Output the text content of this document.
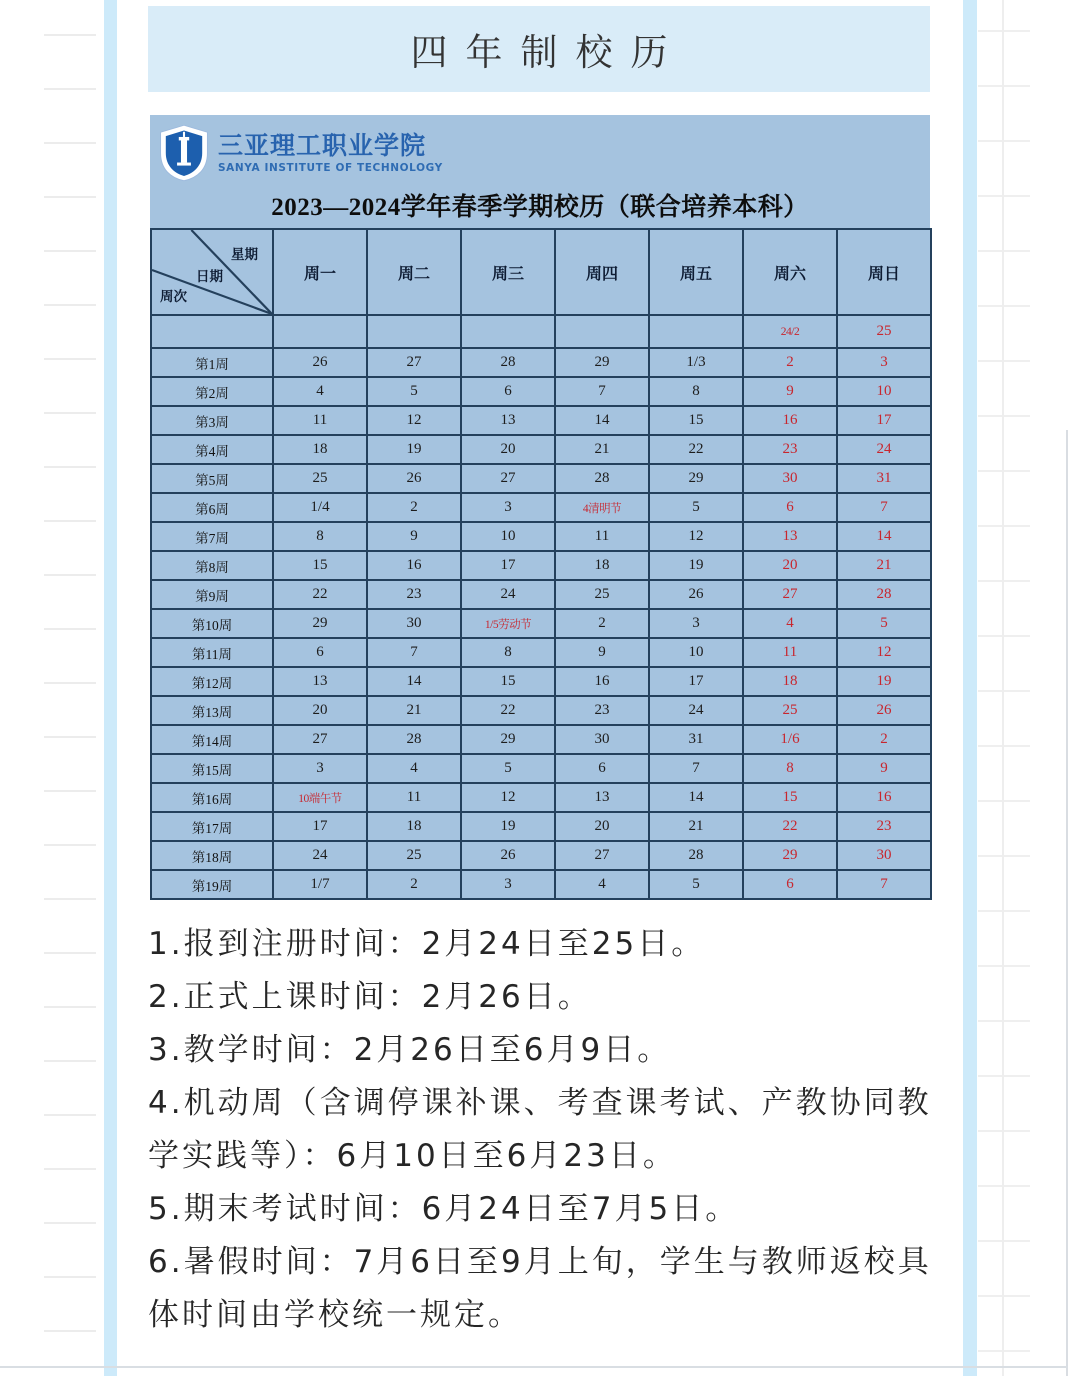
四年制校历
三亚理工职业学院
SANYA INSTITUTE OF TECHNOLOGY
2023—2024学年春季学期校历（联合培养本科）
星期
日期
周次	周一	周二	周三	周四	周五	周六	周日
						24/2	25
第1周	26	27	28	29	1/3	2	3
第2周	4	5	6	7	8	9	10
第3周	11	12	13	14	15	16	17
第4周	18	19	20	21	22	23	24
第5周	25	26	27	28	29	30	31
第6周	1/4	2	3	4清明节	5	6	7
第7周	8	9	10	11	12	13	14
第8周	15	16	17	18	19	20	21
第9周	22	23	24	25	26	27	28
第10周	29	30	1/5劳动节	2	3	4	5
第11周	6	7	8	9	10	11	12
第12周	13	14	15	16	17	18	19
第13周	20	21	22	23	24	25	26
第14周	27	28	29	30	31	1/6	2
第15周	3	4	5	6	7	8	9
第16周	10端午节	11	12	13	14	15	16
第17周	17	18	19	20	21	22	23
第18周	24	25	26	27	28	29	30
第19周	1/7	2	3	4	5	6	7

1.报到注册时间：2月24日至25日。

2.正式上课时间：2月26日。

3.教学时间：2月26日至6月9日。

4.机动周（含调停课补课、考查课考试、产教协同教学实践等）：6月10日至6月23日。

5.期末考试时间：6月24日至7月5日。

6.暑假时间：7月6日至9月上旬，学生与教师返校具体时间由学校统一规定。
